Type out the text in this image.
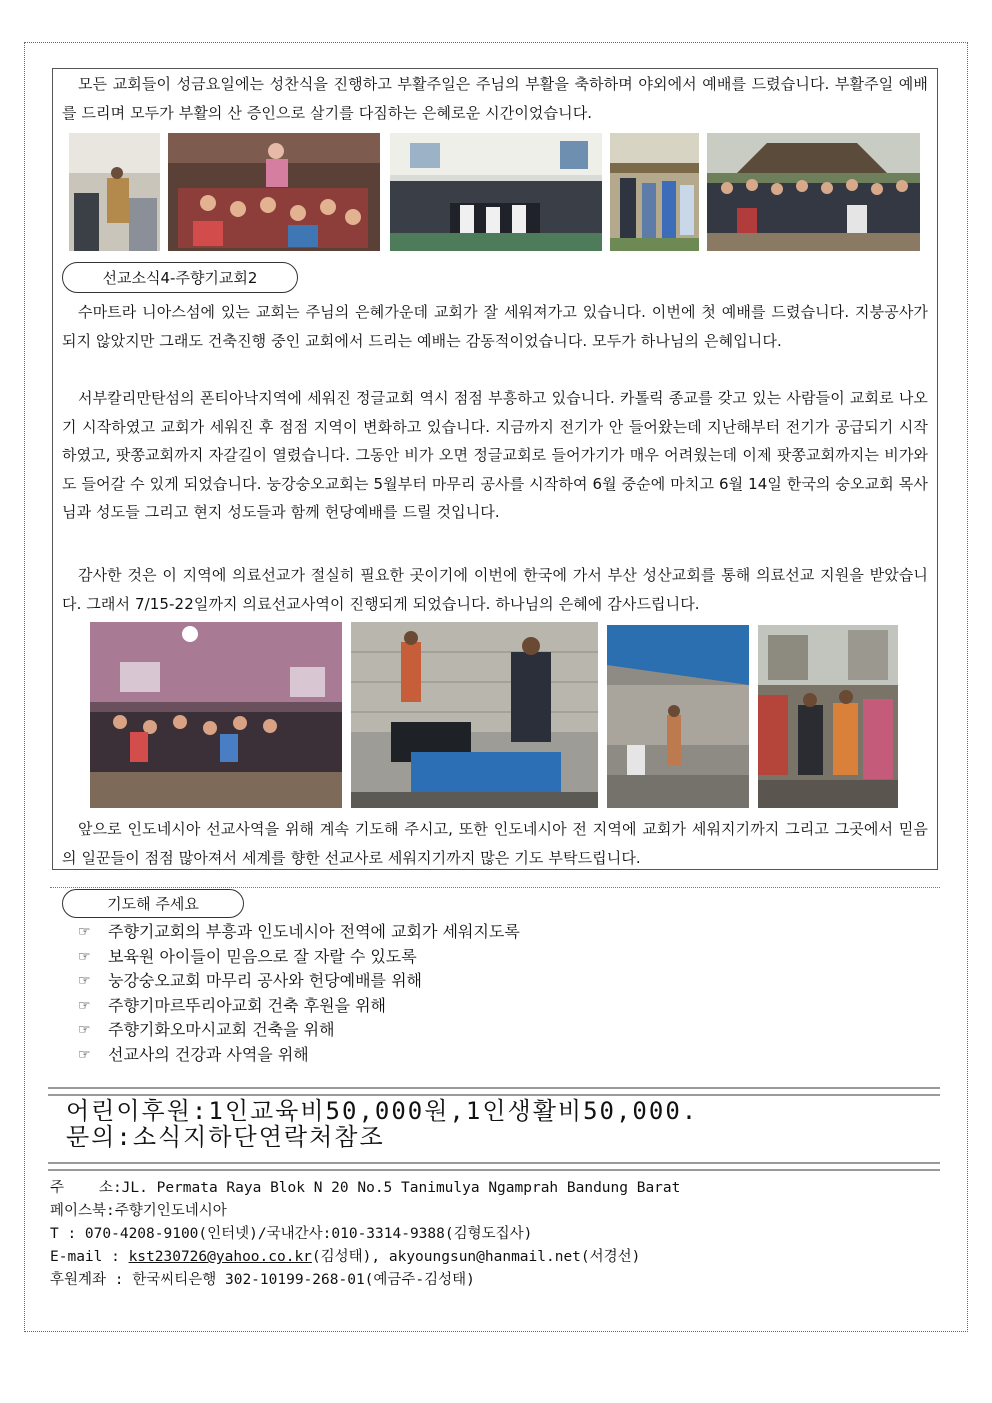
모든 교회들이 성금요일에는 성찬식을 진행하고 부활주일은 주님의 부활을 축하하며 야외에서 예배를 드렸습니다. 부활주일 예배를 드리며 모두가 부활의 산 증인으로 살기를 다짐하는 은혜로운 시간이었습니다.

선교소식4-주향기교회2

수마트라 니아스섬에 있는 교회는 주님의 은혜가운데 교회가 잘 세워져가고 있습니다. 이번에 첫 예배를 드렸습니다. 지붕공사가 되지 않았지만 그래도 건축진행 중인 교회에서 드리는 예배는 감동적이었습니다. 모두가 하나님의 은혜입니다.

서부칼리만탄섬의 폰티아낙지역에 세워진 정글교회 역시 점점 부흥하고 있습니다. 카톨릭 종교를 갖고 있는 사람들이 교회로 나오기 시작하였고 교회가 세워진 후 점점 지역이 변화하고 있습니다. 지금까지 전기가 안 들어왔는데 지난해부터 전기가 공급되기 시작하였고, 팟쫑교회까지 자갈길이 열렸습니다. 그동안 비가 오면 정글교회로 들어가기가 매우 어려웠는데 이제 팟쫑교회까지는 비가와도 들어갈 수 있게 되었습니다. 눙강숭오교회는 5월부터 마무리 공사를 시작하여 6월 중순에 마치고 6월 14일 한국의 숭오교회 목사님과 성도들 그리고 현지 성도들과 함께 헌당예배를 드릴 것입니다.

감사한 것은 이 지역에 의료선교가 절실히 필요한 곳이기에 이번에 한국에 가서 부산 성산교회를 통해 의료선교 지원을 받았습니다. 그래서 7/15-22일까지 의료선교사역이 진행되게 되었습니다. 하나님의 은혜에 감사드립니다.

앞으로 인도네시아 선교사역을 위해 계속 기도해 주시고, 또한 인도네시아 전 지역에 교회가 세워지기까지 그리고 그곳에서 믿음의 일꾼들이 점점 많아져서 세계를 향한 선교사로 세워지기까지 많은 기도 부탁드립니다.

기도해 주세요
☞	주향기교회의 부흥과 인도네시아 전역에 교회가 세워지도록
☞	보육원 아이들이 믿음으로 잘 자랄 수 있도록
☞	눙강숭오교회 마무리 공사와 헌당예배를 위해
☞	주향기마르뚜리아교회 건축 후원을 위해
☞	주향기화오마시교회 건축을 위해
☞	선교사의 건강과 사역을 위해
어린이후원:1인교육비50,000원,1인생활비50,000.
문의:소식지하단연락처참조
주    소:JL. Permata Raya Blok N 20 No.5 Tanimulya Ngamprah Bandung Barat
페이스북:주향기인도네시아
T : 070-4208-9100(인터넷)/국내간사:010-3314-9388(김형도집사)
E-mail : kst230726@yahoo.co.kr(김성태), akyoungsun@hanmail.net(서경선)
후원계좌 : 한국씨티은행 302-10199-268-01(예금주-김성태)
